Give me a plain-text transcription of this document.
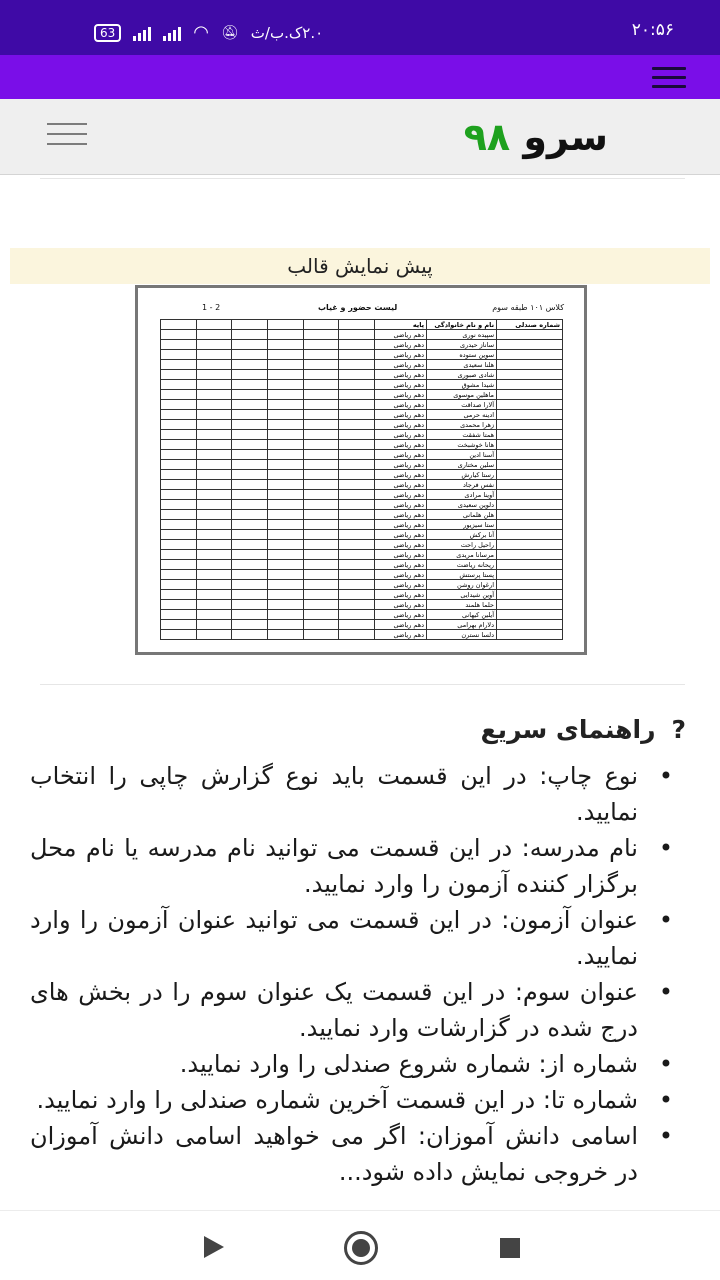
63	◠ 🔕︎ ۲.۰ک.ب/ث	۲۰:۵۶
سرو ۹۸
پیش نمایش قالب
کلاس ۱۰۱ طبقه سوم
لیست حضور و غیاب
1 - 2
شماره صندلی	نام و نام خانوادگی	پایه						
	سپیده نوری	دهم ریاضی						
	ساناز حیدری	دهم ریاضی						
	سوین ستوده	دهم ریاضی						
	هلنا سعیدی	دهم ریاضی						
	شادی صبوری	دهم ریاضی						
	شیدا مشوق	دهم ریاضی						
	ماهلین موسوی	دهم ریاضی						
	آلارا صداقت	دهم ریاضی						
	ادینه حرمی	دهم ریاضی						
	زهرا محمدی	دهم ریاضی						
	همتا شفقت	دهم ریاضی						
	هانا خوشبخت	دهم ریاضی						
	آسنا ادین	دهم ریاضی						
	سلین مختاری	دهم ریاضی						
	رستا کیارش	دهم ریاضی						
	نفس فرجاد	دهم ریاضی						
	آوینا مرادی	دهم ریاضی						
	دلوین سعیدی	دهم ریاضی						
	هلن هلمانی	دهم ریاضی						
	ستا سیزیور	دهم ریاضی						
	آنا برکش	دهم ریاضی						
	راحیل راحت	دهم ریاضی						
	مرسانا مریدی	دهم ریاضی						
	ریحانه ریاضت	دهم ریاضی						
	پستا پرستش	دهم ریاضی						
	ارغوان روشن	دهم ریاضی						
	آوین شیدایی	دهم ریاضی						
	حلما هلمند	دهم ریاضی						
	آیلین کیهانی	دهم ریاضی						
	دلارام بهرامی	دهم ریاضی						
	دلسا نسترن	دهم ریاضی						
?
راهنمای سریع
• نوع چاپ: در این قسمت باید نوع گزارش چاپی را انتخاب نمایید.
• نام مدرسه: در این قسمت می توانید نام مدرسه یا نام محل برگزار کننده آزمون را وارد نمایید.
• عنوان آزمون: در این قسمت می توانید عنوان آزمون را وارد نمایید.
• عنوان سوم: در این قسمت یک عنوان سوم را در بخش های درج شده در گزارشات وارد نمایید.
• شماره از: شماره شروع صندلی را وارد نمایید.
• شماره تا: در این قسمت آخرین شماره صندلی را وارد نمایید.
• اسامی دانش آموزان: اگر می خواهید اسامی دانش آموزان در خروجی نمایش داده شود...
